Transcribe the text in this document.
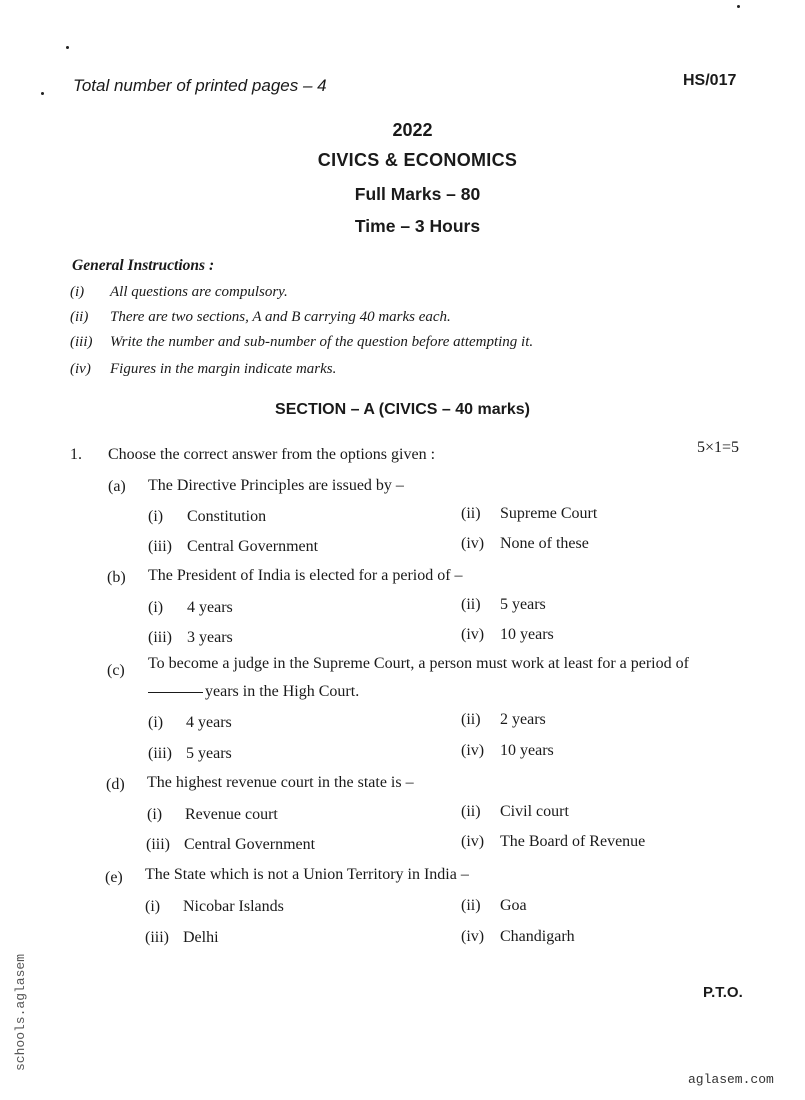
Total number of printed pages – 4	HS/017
2022
CIVICS & ECONOMICS
Full Marks – 80
Time – 3 Hours
General Instructions :
(i) All questions are compulsory.
(ii) There are two sections, A and B carrying 40 marks each.
(iii) Write the number and sub-number of the question before attempting it.
(iv) Figures in the margin indicate marks.
SECTION – A (CIVICS – 40 marks)
1. Choose the correct answer from the options given :	5×1=5
(a) The Directive Principles are issued by –
(i) Constitution	(ii) Supreme Court
(iii) Central Government	(iv) None of these
(b) The President of India is elected for a period of –
(i) 4 years	(ii) 5 years
(iii) 3 years	(iv) 10 years
(c) To become a judge in the Supreme Court, a person must work at least for a period of
years in the High Court.
(i) 4 years	(ii) 2 years
(iii) 5 years	(iv) 10 years
(d) The highest revenue court in the state is –
(i) Revenue court	(ii) Civil court
(iii) Central Government	(iv) The Board of Revenue
(e) The State which is not a Union Territory in India –
(i) Nicobar Islands	(ii) Goa
(iii) Delhi	(iv) Chandigarh
P.T.O.
aglasem.com
schools.aglasem
